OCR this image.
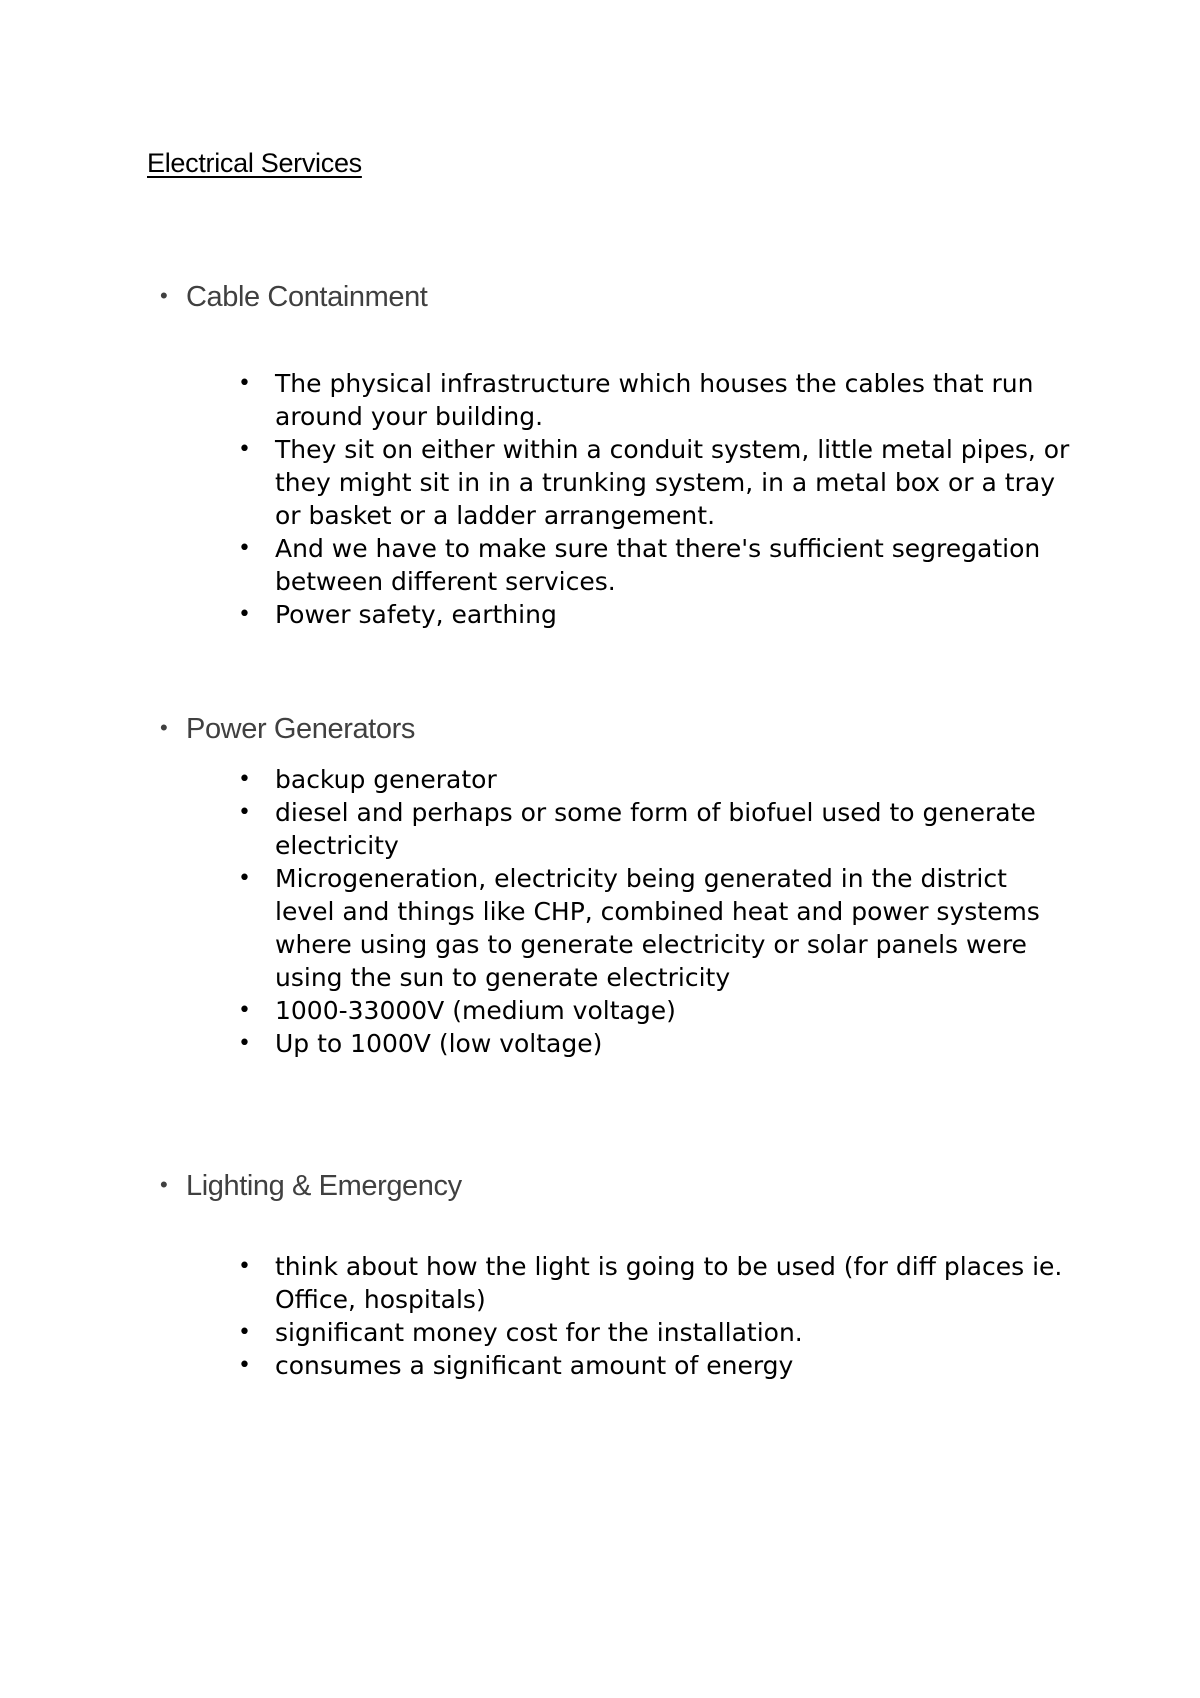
Electrical Services
• Cable Containment
• The physical infrastructure which houses the cables that run around your building.
• They sit on either within a conduit system, little metal pipes, or they might sit in in a trunking system, in a metal box or a tray or basket or a ladder arrangement.
• And we have to make sure that there's sufficient segregation between different services.
• Power safety, earthing
• Power Generators
• backup generator
• diesel and perhaps or some form of biofuel used to generate electricity
• Microgeneration, electricity being generated in the district level and things like CHP, combined heat and power systems where using gas to generate electricity or solar panels were using the sun to generate electricity
• 1000-33000V (medium voltage)
• Up to 1000V (low voltage)
• Lighting & Emergency
• think about how the light is going to be used (for diff places ie. Office, hospitals)
• significant money cost for the installation.
• consumes a significant amount of energy
